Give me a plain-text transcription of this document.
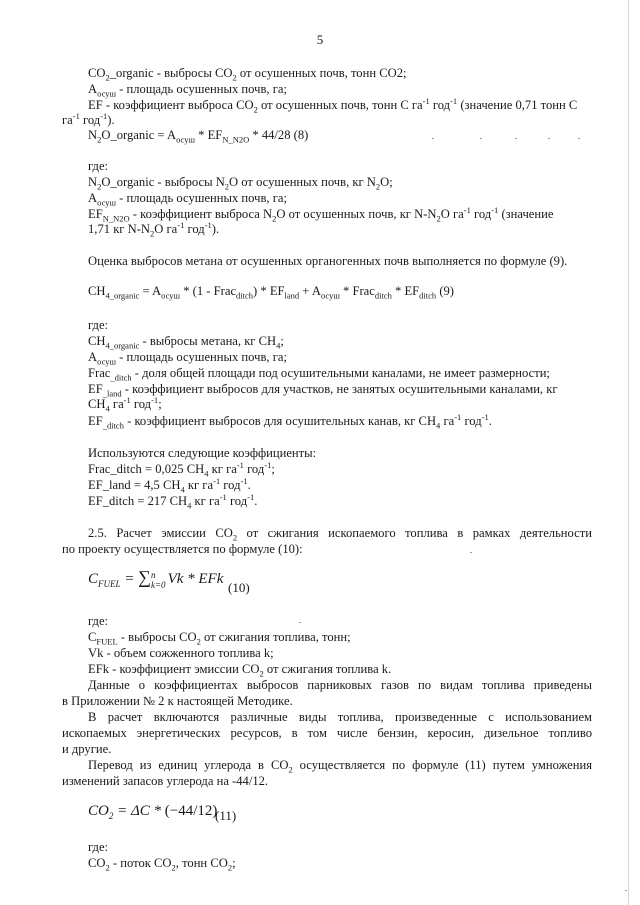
5
$CO_2\_organic$ - выбросы $CO_2$ от осушенных почв, тонн CO2;
$A_{осуш}$ - площадь осушенных почв, га;
EF - коэффициент выброса $CO_2$ от осушенных почв, тонн C $га^{-1}$ год$^{-1}$ (значение 0,71 тонн C
$га^{-1}$ год$^{-1}$).
$N_2O\_organic = A_{осуш} * EF_{N\_N2O} * 44/28$ (8)
где:
$N_2O\_organic$ - выбросы $N_2O$ от осушенных почв, кг $N_2O$;
$A_{осуш}$ - площадь осушенных почв, га;
$EF_{N\_N2O}$ - коэффициент выброса $N_2O$ от осушенных почв, кг $N-N_2O$ $га^{-1}$ год$^{-1}$ (значение
1,71 кг $N-N_2O$ $га^{-1}$ год$^{-1}$).
Оценка выбросов метана от осушенных органогенных почв выполняется по формуле (9).
$CH_{4\_organic} = A_{осуш} * (1$ - Frac$_{ditch}$) * $EF_{land} + A_{осуш}$ * Frac$_{ditch}$ * $EF_{ditch}$ (9)
где:
$CH_{4\_organic}$ - выбросы метана, кг $CH_4$;
$A_{осуш}$ - площадь осушенных почв, га;
Frac$_{\_ditch}$ - доля общей площади под осушительными каналами, не имеет размерности;
$EF_{\_land}$ - коэффициент выбросов для участков, не занятых осушительными каналами, кг
$CH_4$ $га^{-1}$ год$^{-1}$;
$EF_{\_ditch}$ - коэффициент выбросов для осушительных канав, кг $CH_4$ $га^{-1}$ год$^{-1}$.
Используются следующие коэффициенты:
Frac_ditch = 0,025 $CH_4$ кг $га^{-1}$ год$^{-1}$;
EF_land = 4,5 $CH_4$ кг $га^{-1}$ год$^{-1}$.
EF_ditch = 217 $CH_4$ кг $га^{-1}$ год$^{-1}$.
2.5. Расчет эмиссии $CO_2$ от сжигания ископаемого топлива в рамках деятельности
по проекту осуществляется по формуле (10):
$C_{FUEL}$ = ∑ n
k=0 Vk * EFk
(10)
где:
$C_{FUEL}$ - выбросы $CO_2$ от сжигания топлива, тонн;
Vk - объем сожженного топлива k;
EFk - коэффициент эмиссии $CO_2$ от сжигания топлива k.
Данные о коэффициентах выбросов парниковых газов по видам топлива приведены
в Приложении № 2 к настоящей Методике.
В расчет включаются различные виды топлива, произведенные с использованием
ископаемых энергетических ресурсов, в том числе бензин, керосин, дизельное топливо
и другие.
Перевод из единиц углерода в $CO_2$ осуществляется по формуле (11) путем умножения
изменений запасов углерода на -44/12.
$CO_2 = \Delta C * (-44/12)$
(11)
где:
$CO_2$ - поток $CO_2$, тонн $CO_2$;
